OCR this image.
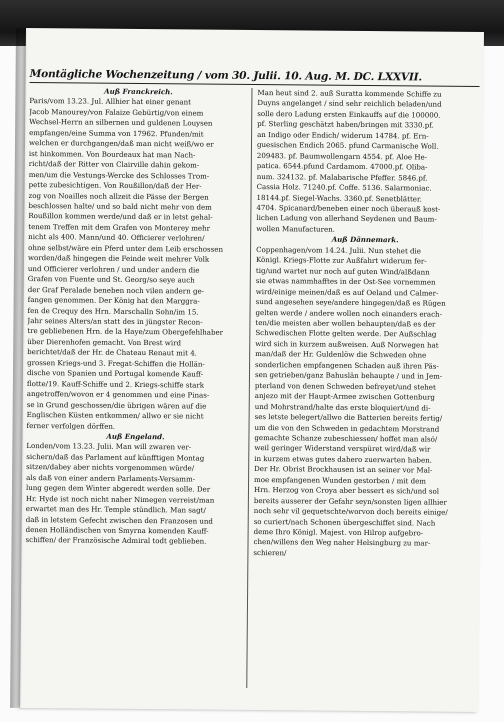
Montägliche Wochenzeitung / vom 30. Julii. 10. Aug. M. DC. LXXVII.
Auß Franckreich.
Paris/vom 13.23. Jul. Allhier hat einer genant
Jacob Manourey/von Falaize Gebürtig/von einem
Wechsel-Herrn an silbernen und guldenen Louysen
empfangen/eine Summa von 17962. Pfunden/mit
welchen er durchgangen/daß man nicht weiß/wo er
ist hinkommen. Von Bourdeaux hat man Nach-
richt/daß der Ritter von Clairville dahin gekom-
men/um die Vestungs-Wercke des Schlosses Trom-
pette zubesichtigen. Von Roußillon/daß der Her-
zog von Noailles noch allzeit die Pässe der Bergen
beschlossen halte/ und so bald nicht mehr von dem
Roußillon kommen werde/und daß er in letst gehal-
tenem Treffen mit dem Grafen von Monterey mehr
nicht als 400. Mann/und 40. Officierer verlohren/
ohne selbst/wäre ein Pferd unter dem Leib erschossen
worden/daß hingegen die Feinde weit mehrer Volk
und Officierer verlohren / und under andern die
Grafen von Fuente und St. Georg/so seye auch
der Graf Peralade beneben noch vilen andern ge-
fangen genommen. Der König hat den Marggra-
fen de Crequy des Hrn. Marschalln Sohn/im 15.
Jahr seines Alters/an statt des in jüngster Recon-
tre gebliebenen Hrn. de la Haye/zum Obergefehlhaber
über Dierenhofen gemacht. Von Brest wird
berichtet/daß der Hr. de Chateau Renaut mit 4.
grossen Kriegs-und 3. Fregat-Schiffen die Hollän-
dische von Spanien und Portugal komende Kauff-
flotte/19. Kauff-Schiffe und 2. Kriegs-schiffe stark
angetroffen/wovon er 4 genommen und eine Pinas-
se in Grund geschossen/die übrigen wären auf die
Englischen Küsten entkommen/ allwo er sie nicht
ferner verfolgen dörffen.
Auß Engeland.
Londen/vom 13.23. Julii. Man will zwaren ver-
sichern/daß das Parlament auf künfftigen Montag
sitzen/dabey aber nichts vorgenommen würde/
als daß von einer andern Parlaments-Versamm-
lung gegen dem Winter abgeredt werden solle. Der
Hr. Hyde ist noch nicht naher Nimegen verreist/man
erwartet man des Hr. Temple stündlich. Man sagt/
daß in letstem Gefecht zwischen den Franzosen und
denen Holländischen von Smyrna komenden Kauff-
schiffen/ der Französische Admiral todt geblieben.
Man heut sind 2. auß Suratta kommende Schiffe zu
Duyns angelanget / sind sehr reichlich beladen/und
solle dero Ladung ersten Einkauffs auf die 100000.
pf. Sterling geschätzt haben/bringen mit 3330.pf.
an Indigo oder Endich/ widerum 14784. pf. Ern-
guesischen Endich 2065. pfund Carmanische Woll.
209483. pf. Baumwollengarn 4554. pf. Aloe He-
patica. 6544.pfund Cardamom. 47000.pf. Oliba-
num. 324132. pf. Malabarische Pfeffer. 5846.pf.
Cassia Holz. 71240.pf. Coffe. 5136. Salarmoniac.
18144.pf. Siegel-Wachs. 3360.pf. Senetblätter.
4704. Spicanard/beneben einer noch überauß kost-
lichen Ladung von allerhand Seydenen und Baum-
wollen Manufacturen.
Auß Dännemark.
Coppenhagen/vom 14.24. Julii. Nun stehet die
Königl. Kriegs-Flotte zur Außfahrt widerum fer-
tig/und wartet nur noch auf guten Wind/alßdann
sie etwas nammhafftes in der Ost-See vornemmen
wird/einige meinen/daß es auf Oeland und Calmer-
sund angesehen seye/andere hingegen/daß es Rügen
gelten werde / andere wollen noch einanders erach-
ten/die meisten aber wollen behaupten/daß es der
Schwedischen Flotte gelten werde. Der Außschlag
wird sich in kurzem außweisen. Auß Norwegen hat
man/daß der Hr. Guldenlöw die Schweden ohne
sonderlichen empfangenen Schaden auß ihren Päs-
sen getrieben/ganz Bahuslän behaupte / und in Jem-
pterland von denen Schweden befreyet/und stehet
anjezo mit der Haupt-Armee zwischen Gottenburg
und Mohrstrand/halte das erste bloquiert/und di-
ses letste belegert/allwo die Batterien bereits fertig/
um die von den Schweden in gedachtem Morstrand
gemachte Schanze zubeschiessen/ hoffet man alsó/
weil geringer Widerstand verspüret wird/daß wir
in kurzem etwas gutes dahero zuerwarten haben.
Der Hr. Obrist Brockhausen ist an seiner vor Mal-
moe empfangenen Wunden gestorben / mit dem
Hrn. Herzog von Croya aber bessert es sich/und sol
bereits ausserer der Gefahr seyn/sonsten ligen allhier
noch sehr vil gequetschte/worvon doch bereits einige/
so curiert/nach Schonen übergeschiffet sind. Nach
deme Ihro Königl. Majest. von Hilrop aufgebro-
chen/willens den Weg naher Helsingburg zu mar-
schieren/
